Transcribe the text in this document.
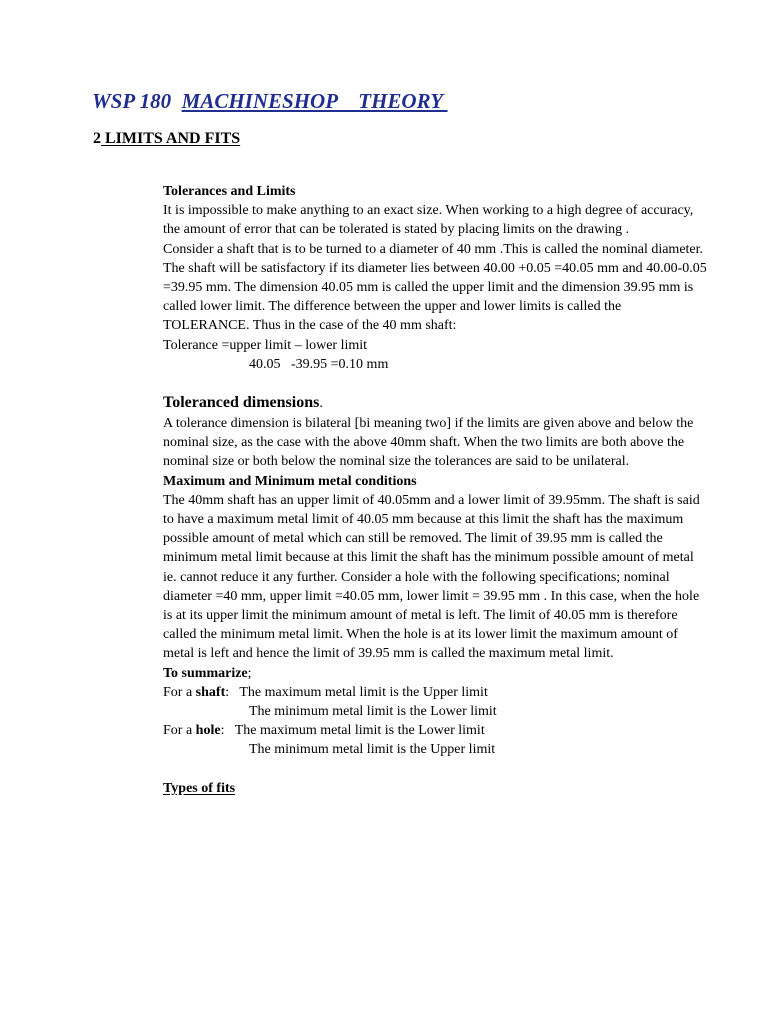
WSP 180 MACHINESHOP    THEORY
2 LIMITS AND FITS

Tolerances and Limits

It is impossible to make anything to an exact size. When working to a high degree of accuracy, the amount of error that can be tolerated is stated by placing limits on the drawing .

Consider a shaft that is to be turned to a diameter of 40 mm .This is called the nominal diameter. The shaft will be satisfactory if its diameter lies between 40.00 +0.05 =40.05 mm and 40.00-0.05 =39.95 mm. The dimension 40.05 mm is called the upper limit and the dimension 39.95 mm is called lower limit. The difference between the upper and lower limits is called the TOLERANCE. Thus in the case of the 40 mm shaft:

Tolerance =upper limit – lower limit

40.05   -39.95 =0.10 mm

Toleranced dimensions.

A tolerance dimension is bilateral [bi meaning two] if the limits are given above and below the nominal size, as the case with the above 40mm shaft. When the two limits are both above the nominal size or both below the nominal size the tolerances are said to be unilateral.

Maximum and Minimum metal conditions

The 40mm shaft has an upper limit of 40.05mm and a lower limit of 39.95mm. The shaft is said to have a maximum metal limit of 40.05 mm because at this limit the shaft has the maximum possible amount of metal which can still be removed. The limit of 39.95 mm is called the minimum metal limit because at this limit the shaft has the minimum possible amount of metal ie. cannot reduce it any further. Consider a hole with the following specifications; nominal diameter =40 mm, upper limit =40.05 mm, lower limit = 39.95 mm . In this case, when the hole is at its upper limit the minimum amount of metal is left. The limit of 40.05 mm is therefore called the minimum metal limit. When the hole is at its lower limit the maximum amount of metal is left and hence the limit of 39.95 mm is called the maximum metal limit.

To summarize;

For a shaft:   The maximum metal limit is the Upper limit

The minimum metal limit is the Lower limit

For a hole:   The maximum metal limit is the Lower limit

The minimum metal limit is the Upper limit

Types of fits
